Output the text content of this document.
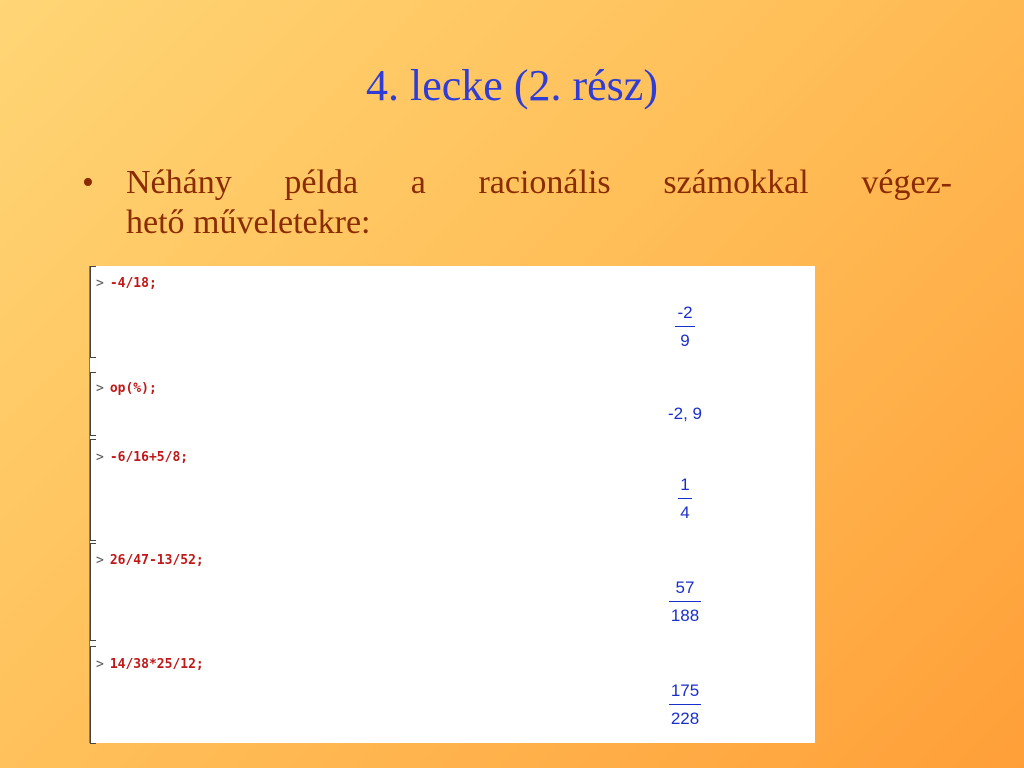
4. lecke (2. rész)
• Néhány példa a racionális számokkal végez-
hető műveletekre:
> -4/18;
$\frac{-2}{9}$
> op(%);
-2, 9
> -6/16+5/8;
$\frac{1}{4}$
> 26/47-13/52;
$\frac{57}{188}$
> 14/38*25/12;
$\frac{175}{228}$
